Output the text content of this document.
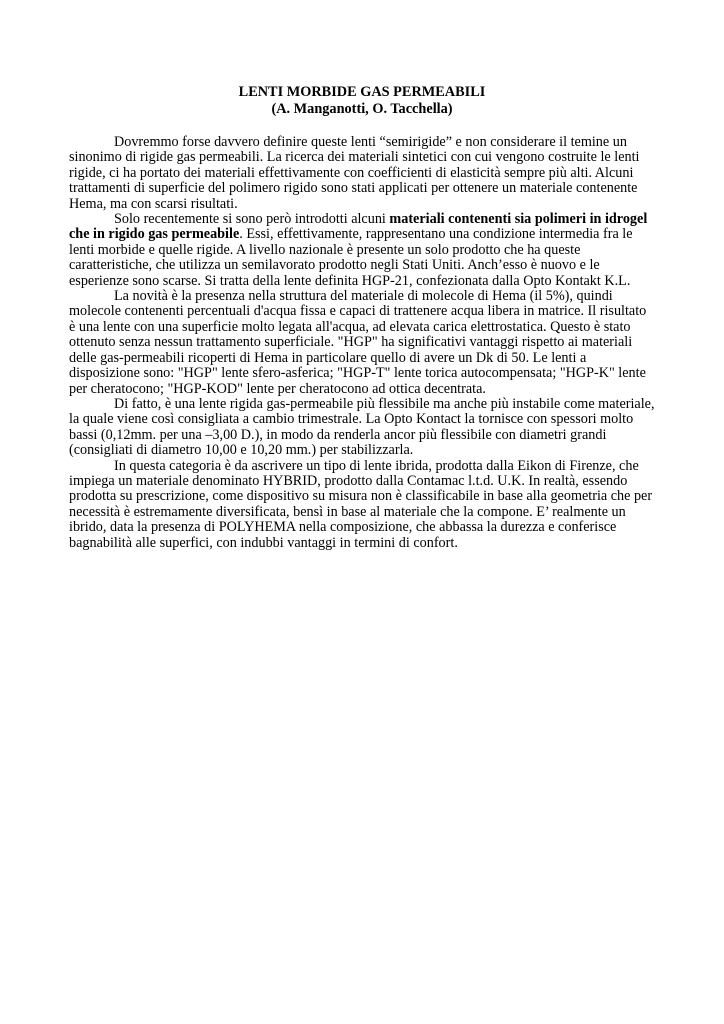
LENTI MORBIDE GAS PERMEABILI

(A. Manganotti, O. Tacchella)

Dovremmo forse davvero definire queste lenti “semirigide” e non considerare il temine un sinonimo di rigide gas permeabili. La ricerca dei materiali sintetici con cui vengono costruite le lenti rigide, ci ha portato dei materiali effettivamente con coefficienti di elasticità sempre più alti. Alcuni trattamenti di superficie del polimero rigido sono stati applicati per ottenere un materiale contenente Hema, ma con scarsi risultati.

Solo recentemente si sono però introdotti alcuni materiali contenenti sia polimeri in idrogel che in rigido gas permeabile. Essi, effettivamente, rappresentano una condizione intermedia fra le lenti morbide e quelle rigide. A livello nazionale è presente un solo prodotto che ha queste caratteristiche, che utilizza un semilavorato prodotto negli Stati Uniti. Anch’esso è nuovo e le esperienze sono scarse. Si tratta della lente definita HGP-21, confezionata dalla Opto Kontakt K.L.

La novità è la presenza nella struttura del materiale di molecole di Hema (il 5%), quindi molecole contenenti percentuali d'acqua fissa e capaci di trattenere acqua libera in matrice. Il risultato è una lente con una superficie molto legata all'acqua, ad elevata carica elettrostatica. Questo è stato ottenuto senza nessun trattamento superficiale. "HGP" ha significativi vantaggi rispetto ai materiali delle gas-permeabili ricoperti di Hema in particolare quello di avere un Dk di 50. Le lenti a disposizione sono: "HGP" lente sfero-asferica; "HGP-T" lente torica autocompensata; "HGP-K" lente per cheratocono; "HGP-KOD" lente per cheratocono ad ottica decentrata.

Di fatto, è una lente rigida gas-permeabile più flessibile ma anche più instabile come materiale, la quale viene così consigliata a cambio trimestrale. La Opto Kontact la tornisce con spessori molto bassi (0,12mm. per una –3,00 D.), in modo da renderla ancor più flessibile con diametri grandi (consigliati di diametro 10,00 e 10,20 mm.) per stabilizzarla.

In questa categoria è da ascrivere un tipo di lente ibrida, prodotta dalla Eikon di Firenze, che impiega un materiale denominato HYBRID, prodotto dalla Contamac l.t.d. U.K. In realtà, essendo prodotta su prescrizione, come dispositivo su misura non è classificabile in base alla geometria che per necessità è estremamente diversificata, bensì in base al materiale che la compone. E’ realmente un ibrido, data la presenza di POLYHEMA nella composizione, che abbassa la durezza e conferisce bagnabilità alle superfici, con indubbi vantaggi in termini di confort.
